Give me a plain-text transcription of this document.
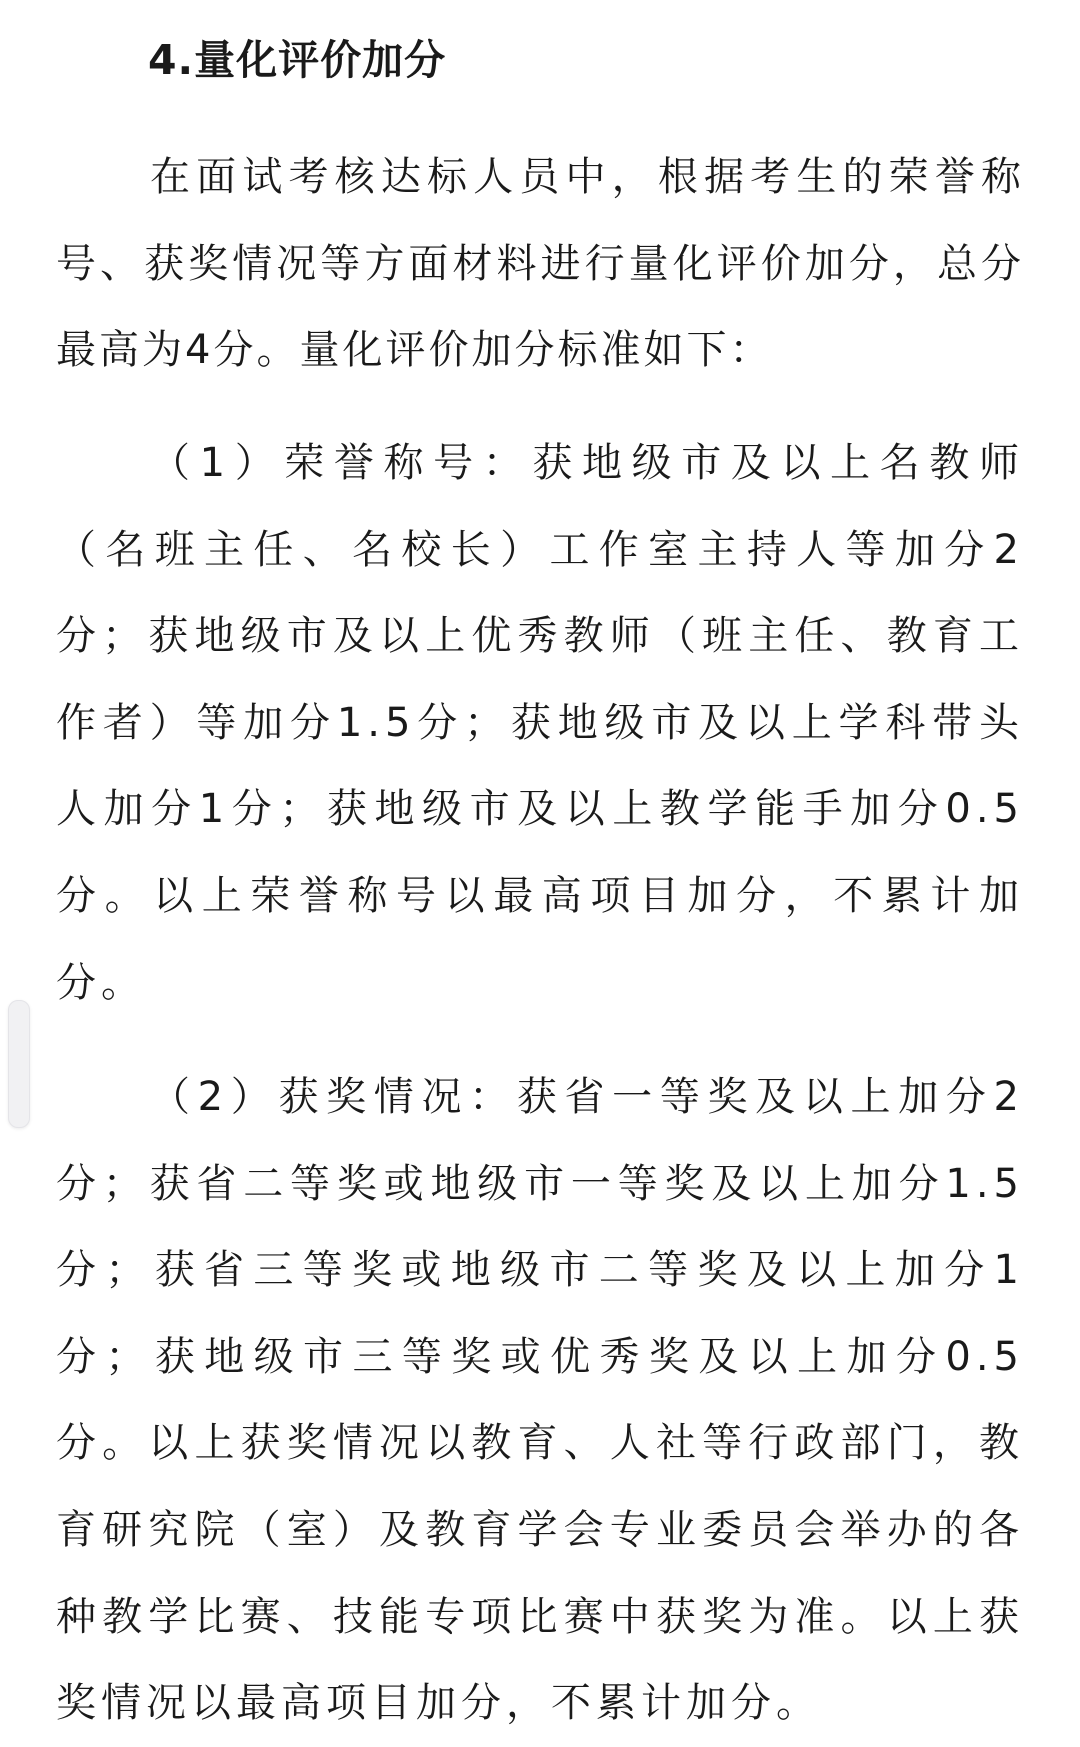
4.量化评价加分

在面试考核达标人员中，根据考生的荣誉称号、获奖情况等方面材料进行量化评价加分，总分最高为4分。量化评价加分标准如下：

（1）荣誉称号：获地级市及以上名教师（名班主任、名校长）工作室主持人等加分2分；获地级市及以上优秀教师（班主任、教育工作者）等加分1.5分；获地级市及以上学科带头人加分1分；获地级市及以上教学能手加分0.5分。以上荣誉称号以最高项目加分，不累计加分。

（2）获奖情况：获省一等奖及以上加分2分；获省二等奖或地级市一等奖及以上加分1.5分；获省三等奖或地级市二等奖及以上加分1分；获地级市三等奖或优秀奖及以上加分0.5分。以上获奖情况以教育、人社等行政部门，教育研究院（室）及教育学会专业委员会举办的各种教学比赛、技能专项比赛中获奖为准。以上获奖情况以最高项目加分，不累计加分。
